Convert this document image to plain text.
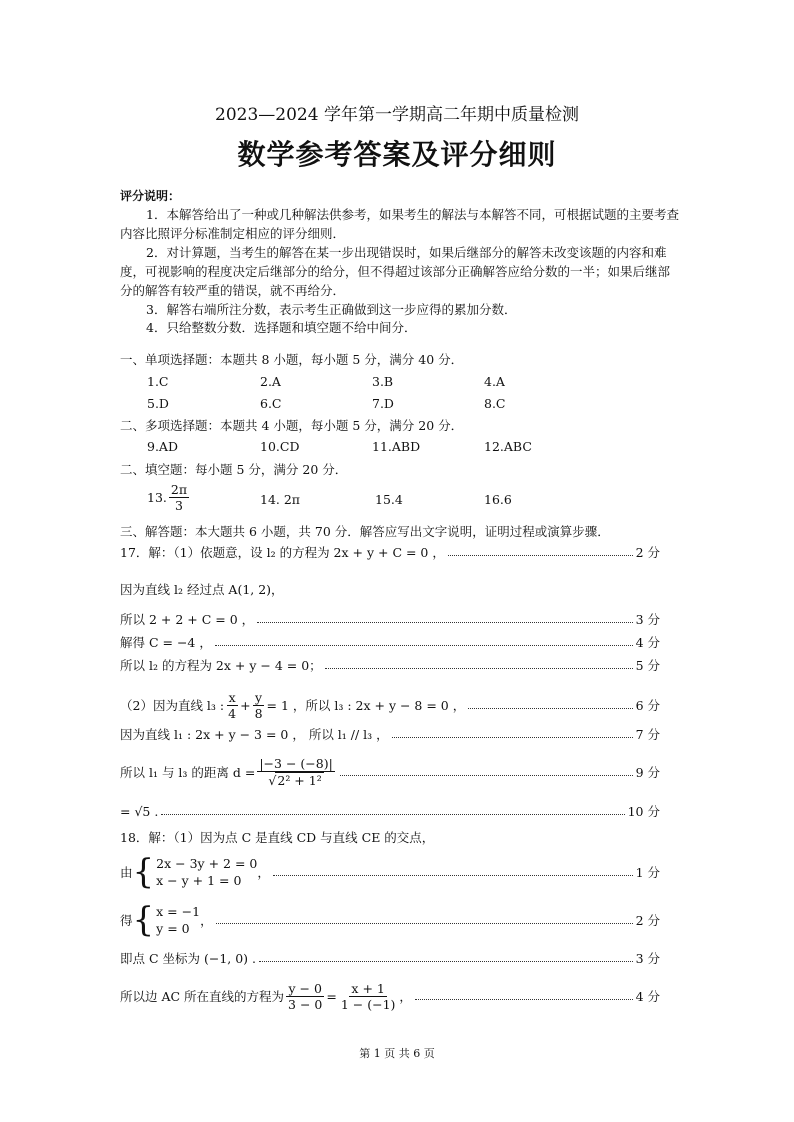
2023—2024 学年第一学期高二年期中质量检测
数学参考答案及评分细则
评分说明：
1．本解答给出了一种或几种解法供参考，如果考生的解法与本解答不同，可根据试题的主要考查内容比照评分标准制定相应的评分细则．
2．对计算题，当考生的解答在某一步出现错误时，如果后继部分的解答未改变该题的内容和难度，可视影响的程度决定后继部分的给分，但不得超过该部分正确解答应给分数的一半；如果后继部分的解答有较严重的错误，就不再给分．
3．解答右端所注分数，表示考生正确做到这一步应得的累加分数．
4．只给整数分数．选择题和填空题不给中间分．
一、单项选择题：本题共 8 小题，每小题 5 分，满分 40 分．
1.C	2.A	3.B	4.A
5.D	6.C	7.D	8.C
二、多项选择题：本题共 4 小题，每小题 5 分，满分 20 分．
9.AD	10.CD	11.ABD	12.ABC
二、填空题：每小题 5 分，满分 20 分．
13. $\frac{2\pi}{3}$	14. 2π	15.4	16.6
三、解答题：本大题共 6 小题，共 70 分．解答应写出文字说明，证明过程或演算步骤．
17．解：（1）依题意，设 l₂ 的方程为 2x + y + C = 0 ，	2 分
因为直线 l₂ 经过点 A(1, 2)，
所以 2 + 2 + C = 0 ，	3 分
解得 C = −4 ，	4 分
所以 l₂ 的方程为 2x + y − 4 = 0；	5 分
（2）因为直线 l₃ : $\frac{x}{4} + \frac{y}{8} = 1$ ，所以 l₃ : 2x + y − 8 = 0 ，	6 分
因为直线 l₁ : 2x + y − 3 = 0 ， 所以 l₁ // l₃ ，	7 分
所以 l₁ 与 l₃ 的距离 $d = \frac{|-3 - (-8)|}{\text{√2² + 1²}}$	9 分
= √5 .	10 分
18．解：（1）因为点 C 是直线 CD 与直线 CE 的交点，
由 { 2x − 3y + 2 = 0
x − y + 1 = 0
，	1 分
得 { x = −1
y = 0
，	2 分
即点 C 坐标为 (−1, 0) .	3 分
所以边 AC 所在直线的方程为 $\frac{y - 0}{3 - 0} = \frac{x + 1}{1 - (-1)}$ ，	4 分
第 1 页 共 6 页
